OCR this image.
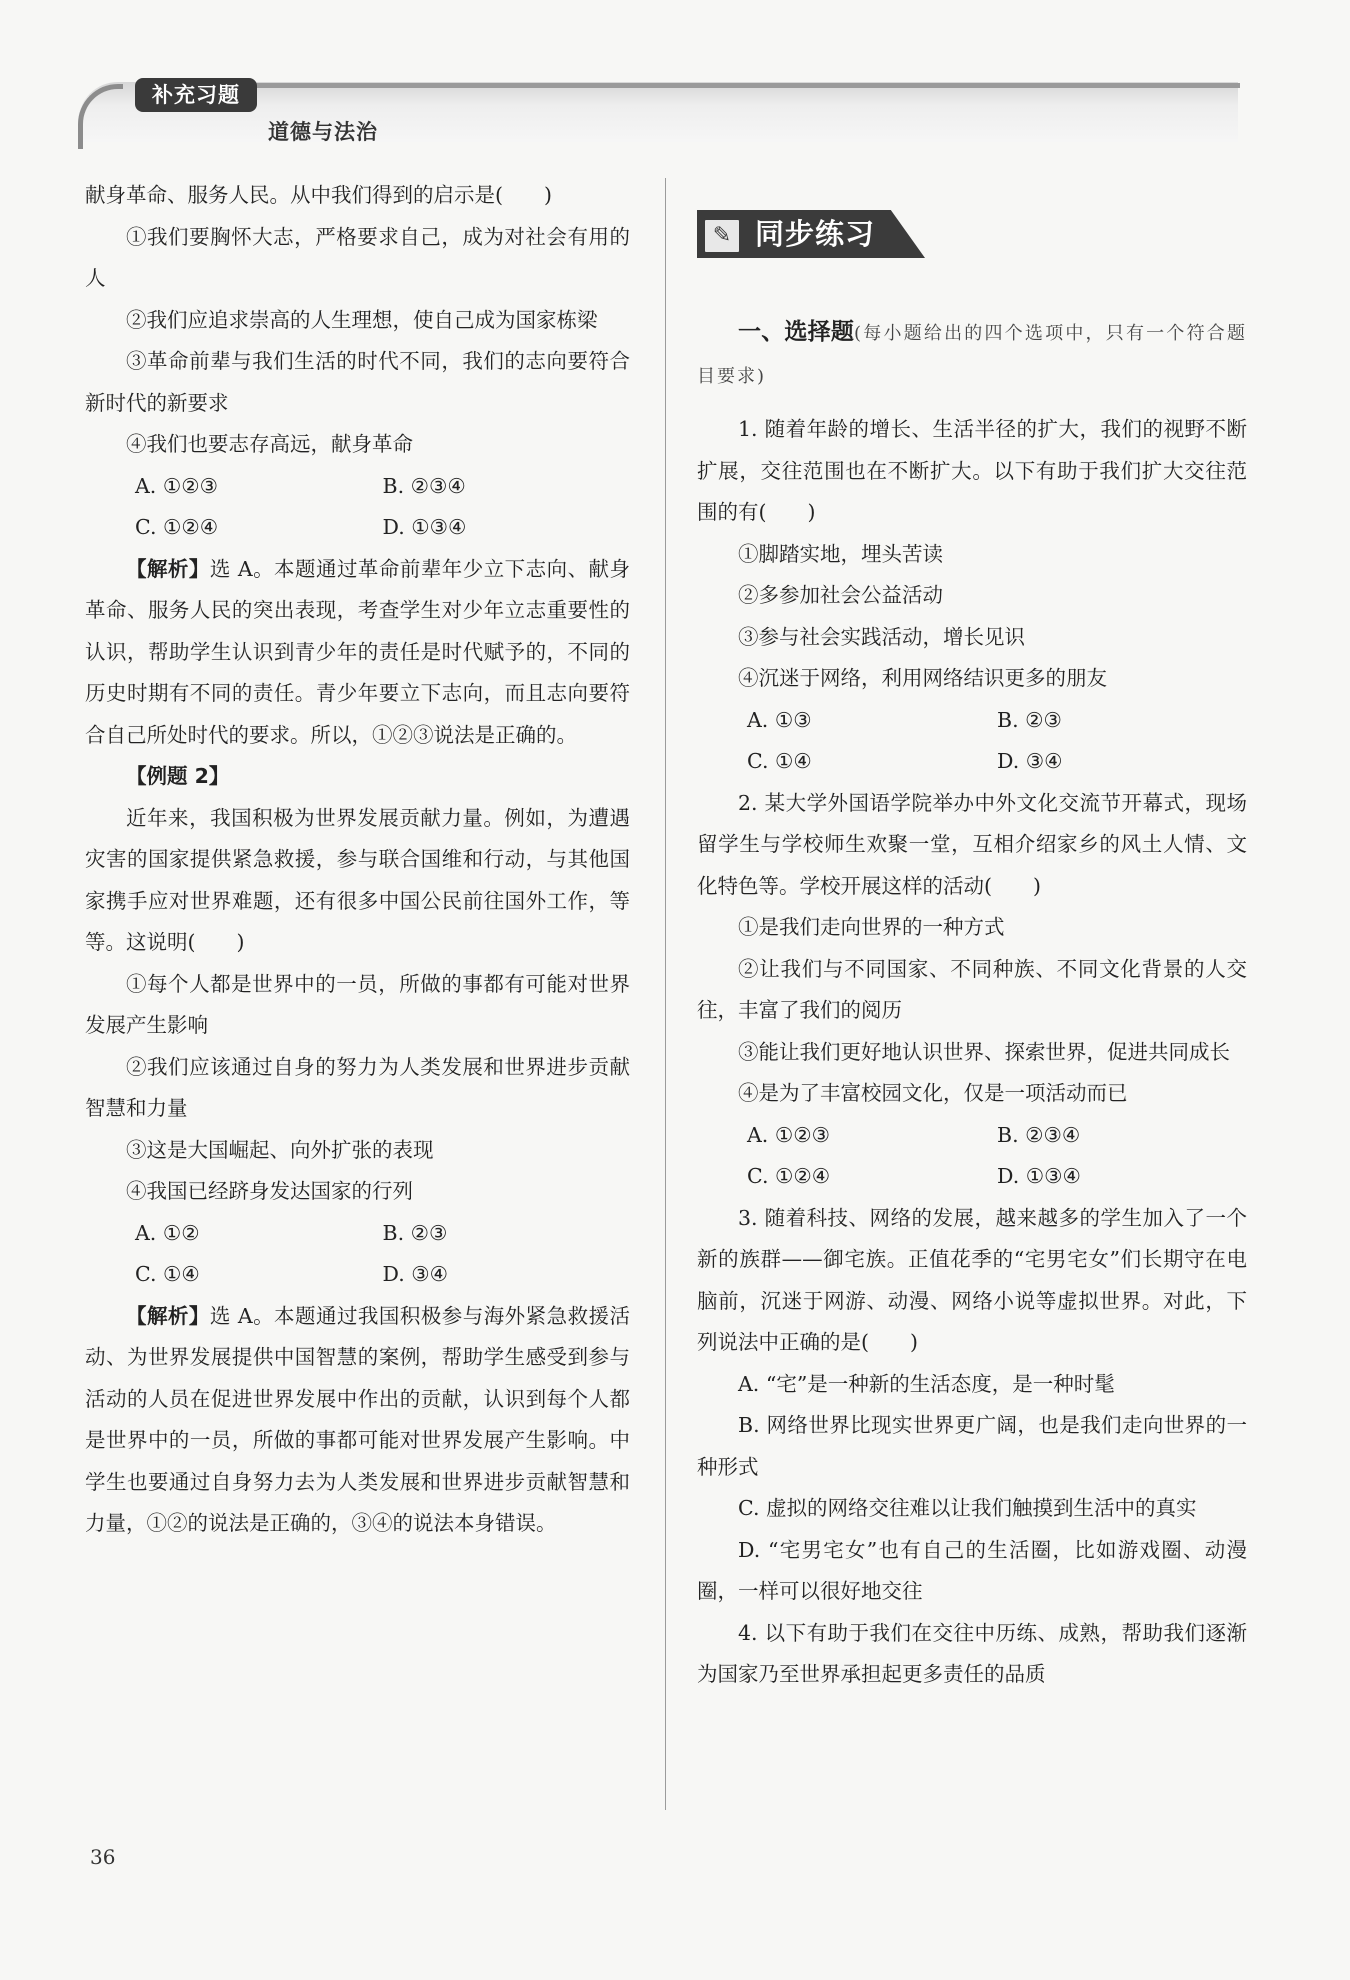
补充习题
道德与法治

献身革命、服务人民。从中我们得到的启示是(　　)

①我们要胸怀大志，严格要求自己，成为对社会有用的人

②我们应追求崇高的人生理想，使自己成为国家栋梁

③革命前辈与我们生活的时代不同，我们的志向要符合新时代的新要求

④我们也要志存高远，献身革命

A. ①②③	B. ②③④
C. ①②④	D. ①③④

【解析】选 A。本题通过革命前辈年少立下志向、献身革命、服务人民的突出表现，考查学生对少年立志重要性的认识，帮助学生认识到青少年的责任是时代赋予的，不同的历史时期有不同的责任。青少年要立下志向，而且志向要符合自己所处时代的要求。所以，①②③说法是正确的。

【例题 2】

近年来，我国积极为世界发展贡献力量。例如，为遭遇灾害的国家提供紧急救援，参与联合国维和行动，与其他国家携手应对世界难题，还有很多中国公民前往国外工作，等等。这说明(　　)

①每个人都是世界中的一员，所做的事都有可能对世界发展产生影响

②我们应该通过自身的努力为人类发展和世界进步贡献智慧和力量

③这是大国崛起、向外扩张的表现

④我国已经跻身发达国家的行列

A. ①②	B. ②③
C. ①④	D. ③④

【解析】选 A。本题通过我国积极参与海外紧急救援活动、为世界发展提供中国智慧的案例，帮助学生感受到参与活动的人员在促进世界发展中作出的贡献，认识到每个人都是世界中的一员，所做的事都可能对世界发展产生影响。中学生也要通过自身努力去为人类发展和世界进步贡献智慧和力量，①②的说法是正确的，③④的说法本身错误。

✎ 同步练习

一、选择题(每小题给出的四个选项中，只有一个符合题目要求)

1. 随着年龄的增长、生活半径的扩大，我们的视野不断扩展，交往范围也在不断扩大。以下有助于我们扩大交往范围的有(　　)

①脚踏实地，埋头苦读

②多参加社会公益活动

③参与社会实践活动，增长见识

④沉迷于网络，利用网络结识更多的朋友

A. ①③	B. ②③
C. ①④	D. ③④

2. 某大学外国语学院举办中外文化交流节开幕式，现场留学生与学校师生欢聚一堂，互相介绍家乡的风土人情、文化特色等。学校开展这样的活动(　　)

①是我们走向世界的一种方式

②让我们与不同国家、不同种族、不同文化背景的人交往，丰富了我们的阅历

③能让我们更好地认识世界、探索世界，促进共同成长

④是为了丰富校园文化，仅是一项活动而已

A. ①②③	B. ②③④
C. ①②④	D. ①③④

3. 随着科技、网络的发展，越来越多的学生加入了一个新的族群——御宅族。正值花季的“宅男宅女”们长期守在电脑前，沉迷于网游、动漫、网络小说等虚拟世界。对此，下列说法中正确的是(　　)

A. “宅”是一种新的生活态度，是一种时髦

B. 网络世界比现实世界更广阔，也是我们走向世界的一种形式

C. 虚拟的网络交往难以让我们触摸到生活中的真实

D. “宅男宅女”也有自己的生活圈，比如游戏圈、动漫圈，一样可以很好地交往

4. 以下有助于我们在交往中历练、成熟，帮助我们逐渐为国家乃至世界承担起更多责任的品质

36
